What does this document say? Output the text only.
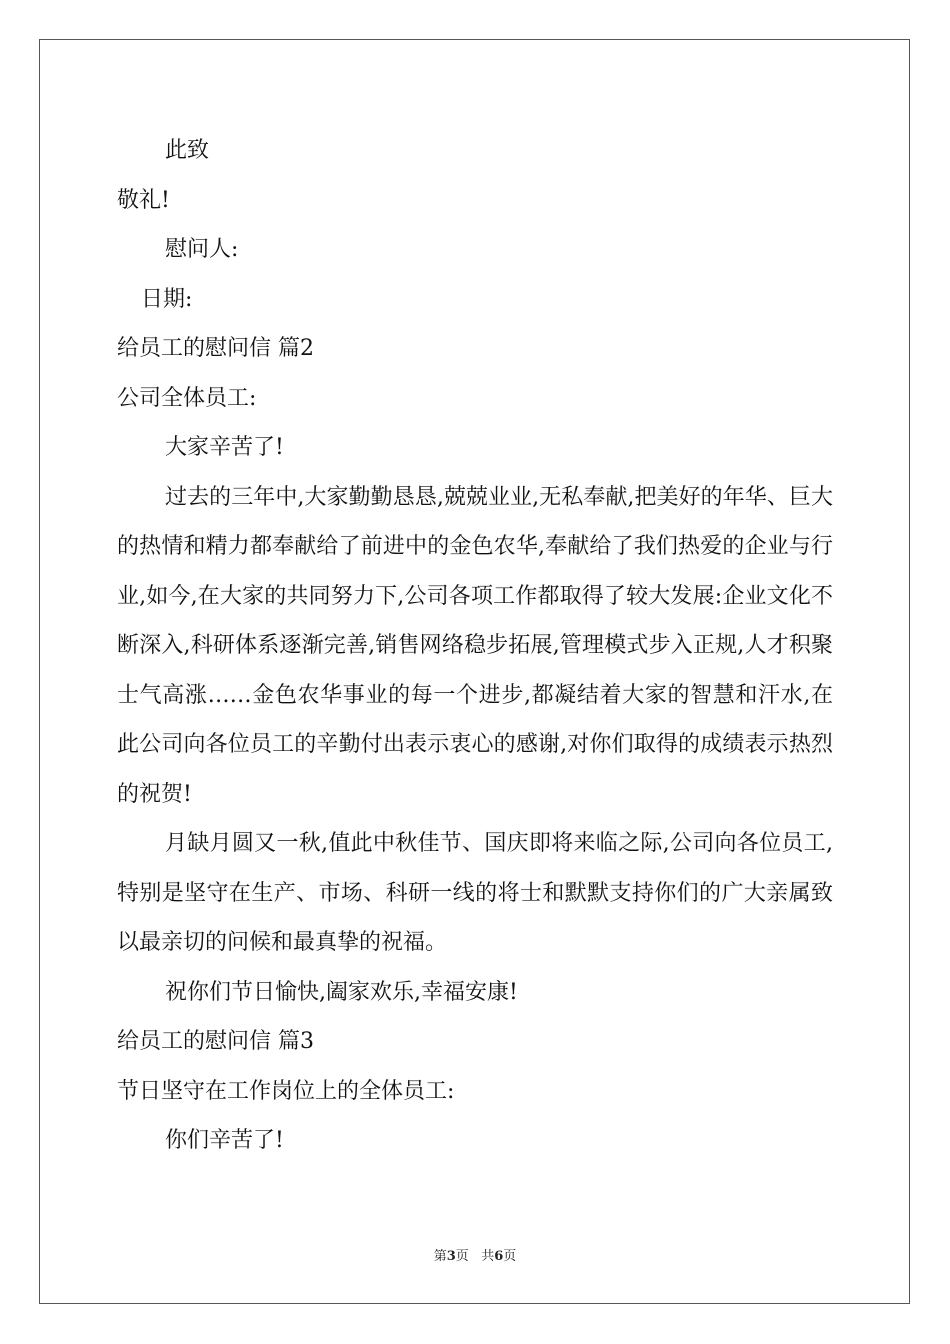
此致
敬礼!
慰问人:
日期:
给员工的慰问信 篇2
公司全体员工:
大家辛苦了!
过去的三年中,大家勤勤恳恳,兢兢业业,无私奉献,把美好的年华、巨大的热情和精力都奉献给了前进中的金色农华,奉献给了我们热爱的企业与行业,如今,在大家的共同努力下,公司各项工作都取得了较大发展:企业文化不断深入,科研体系逐渐完善,销售网络稳步拓展,管理模式步入正规,人才积聚士气高涨……金色农华事业的每一个进步,都凝结着大家的智慧和汗水,在此公司向各位员工的辛勤付出表示衷心的感谢,对你们取得的成绩表示热烈的祝贺!
月缺月圆又一秋,值此中秋佳节、国庆即将来临之际,公司向各位员工,特别是坚守在生产、市场、科研一线的将士和默默支持你们的广大亲属致以最亲切的问候和最真挚的祝福。
祝你们节日愉快,阖家欢乐,幸福安康!
给员工的慰问信 篇3
节日坚守在工作岗位上的全体员工:
你们辛苦了!
第3页 共6页
